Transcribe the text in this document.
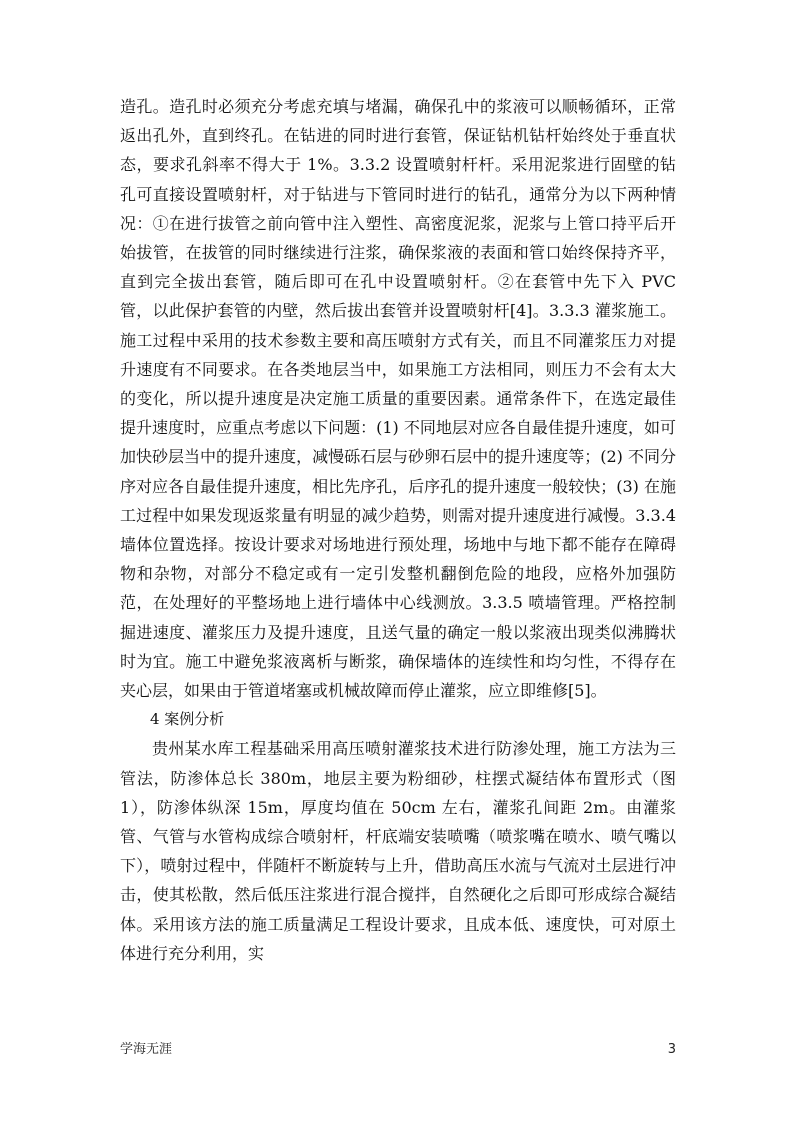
造孔。造孔时必须充分考虑充填与堵漏，确保孔中的浆液可以顺畅循环，正常返出孔外，直到终孔。在钻进的同时进行套管，保证钻机钻杆始终处于垂直状态，要求孔斜率不得大于 1%。3.3.2 设置喷射杆杆。采用泥浆进行固壁的钻孔可直接设置喷射杆，对于钻进与下管同时进行的钻孔，通常分为以下两种情况：①在进行拔管之前向管中注入塑性、高密度泥浆，泥浆与上管口持平后开始拔管，在拔管的同时继续进行注浆，确保浆液的表面和管口始终保持齐平，直到完全拔出套管，随后即可在孔中设置喷射杆。②在套管中先下入 PVC 管，以此保护套管的内壁，然后拔出套管并设置喷射杆[4]。3.3.3 灌浆施工。施工过程中采用的技术参数主要和高压喷射方式有关，而且不同灌浆压力对提升速度有不同要求。在各类地层当中，如果施工方法相同，则压力不会有太大的变化，所以提升速度是决定施工质量的重要因素。通常条件下，在选定最佳提升速度时，应重点考虑以下问题：(1) 不同地层对应各自最佳提升速度，如可加快砂层当中的提升速度，减慢砾石层与砂卵石层中的提升速度等；(2) 不同分序对应各自最佳提升速度，相比先序孔，后序孔的提升速度一般较快；(3) 在施工过程中如果发现返浆量有明显的减少趋势，则需对提升速度进行减慢。3.3.4 墙体位置选择。按设计要求对场地进行预处理，场地中与地下都不能存在障碍物和杂物，对部分不稳定或有一定引发整机翻倒危险的地段，应格外加强防范，在处理好的平整场地上进行墙体中心线测放。3.3.5 喷墙管理。严格控制掘进速度、灌浆压力及提升速度，且送气量的确定一般以浆液出现类似沸腾状时为宜。施工中避免浆液离析与断浆，确保墙体的连续性和均匀性，不得存在夹心层，如果由于管道堵塞或机械故障而停止灌浆，应立即维修[5]。

4 案例分析

贵州某水库工程基础采用高压喷射灌浆技术进行防渗处理，施工方法为三管法，防渗体总长 380m，地层主要为粉细砂，柱摆式凝结体布置形式（图 1），防渗体纵深 15m，厚度均值在 50cm 左右，灌浆孔间距 2m。由灌浆管、气管与水管构成综合喷射杆，杆底端安装喷嘴（喷浆嘴在喷水、喷气嘴以下），喷射过程中，伴随杆不断旋转与上升，借助高压水流与气流对土层进行冲击，使其松散，然后低压注浆进行混合搅拌，自然硬化之后即可形成综合凝结体。采用该方法的施工质量满足工程设计要求，且成本低、速度快，可对原土体进行充分利用，实

学海无涯	3
